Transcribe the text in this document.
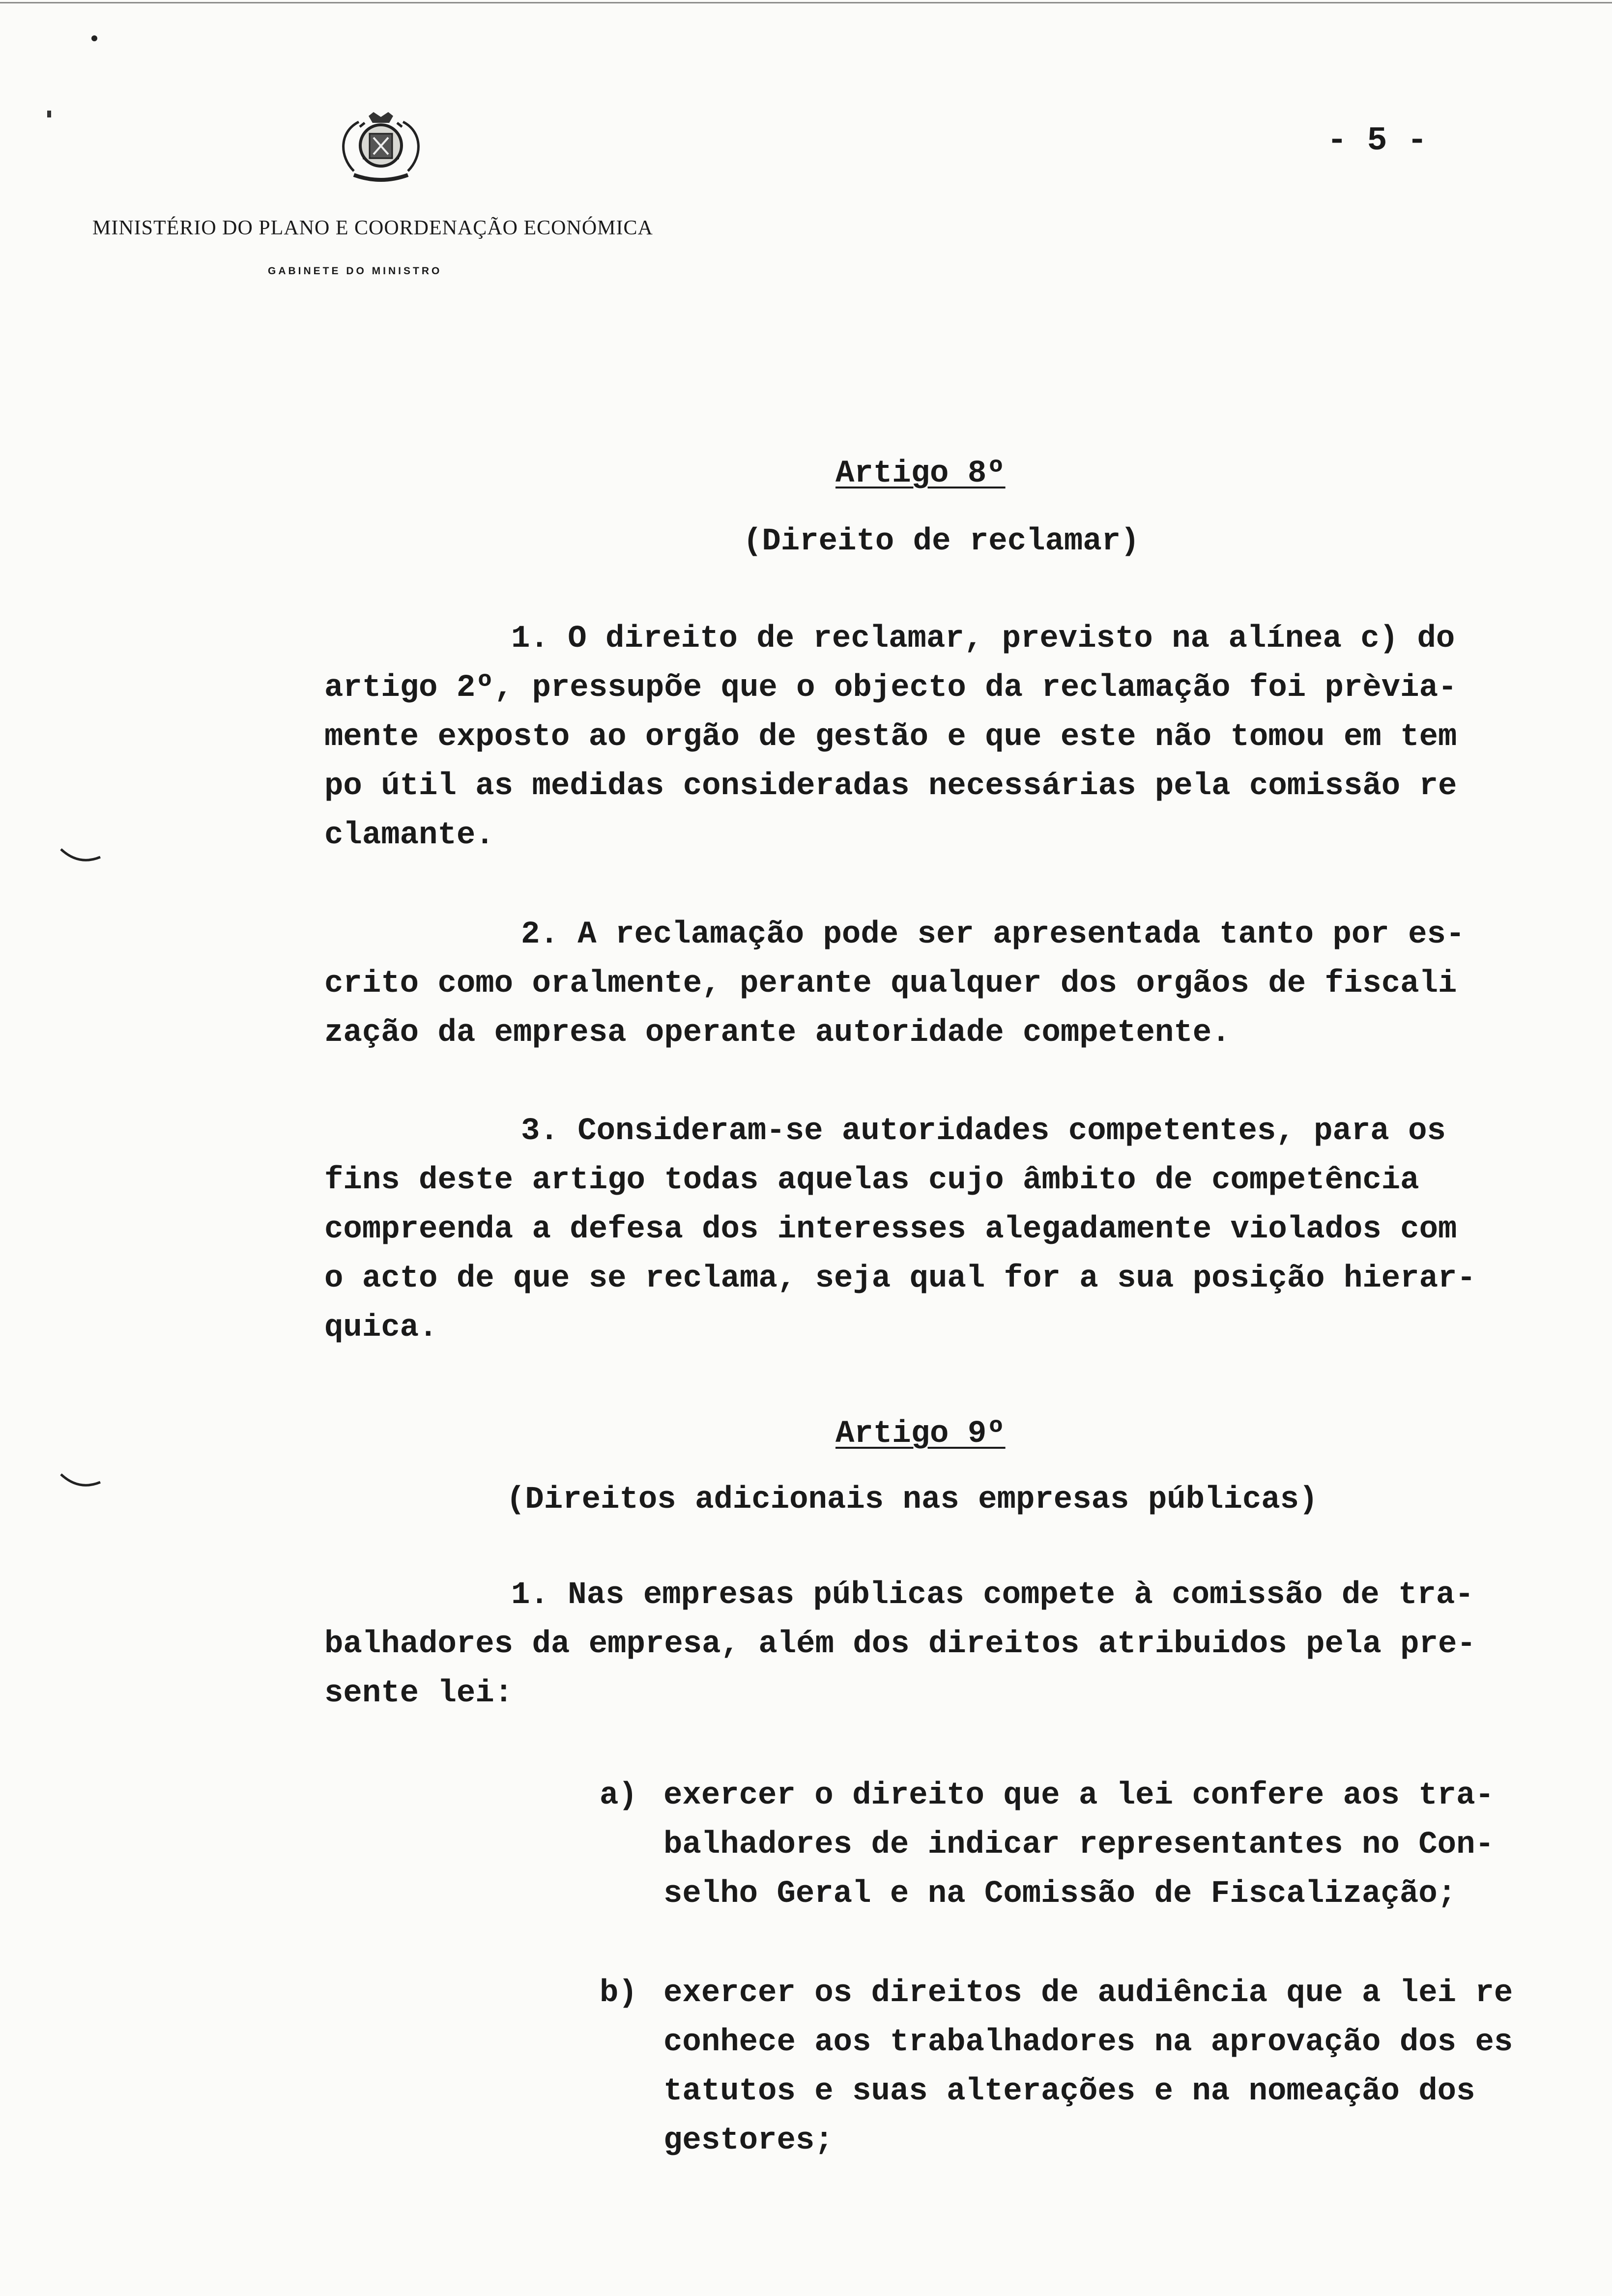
MINISTÉRIO DO PLANO E COORDENAÇÃO ECONÓMICA
GABINETE DO MINISTRO
- 5 -
Artigo 8º
(Direito de reclamar)
1. O direito de reclamar, previsto na alínea c) do
artigo 2º, pressupõe que o objecto da reclamação foi prèvia-
mente exposto ao orgão de gestão e que este não tomou em tem
po útil as medidas consideradas necessárias pela comissão re
clamante.
2. A reclamação pode ser apresentada tanto por es-
crito como oralmente, perante qualquer dos orgãos de fiscali
zação da empresa operante autoridade competente.
3. Consideram-se autoridades competentes, para os
fins deste artigo todas aquelas cujo âmbito de competência
compreenda a defesa dos interesses alegadamente violados com
o acto de que se reclama, seja qual for a sua posição hierar-
quica.
Artigo 9º
(Direitos adicionais nas empresas públicas)
1. Nas empresas públicas compete à comissão de tra-
balhadores da empresa, além dos direitos atribuidos pela pre-
sente lei:
a) exercer o direito que a lei confere aos tra-
balhadores de indicar representantes no Con-
selho Geral e na Comissão de Fiscalização;
b) exercer os direitos de audiência que a lei re
conhece aos trabalhadores na aprovação dos es
tatutos e suas alterações e na nomeação dos
gestores;
